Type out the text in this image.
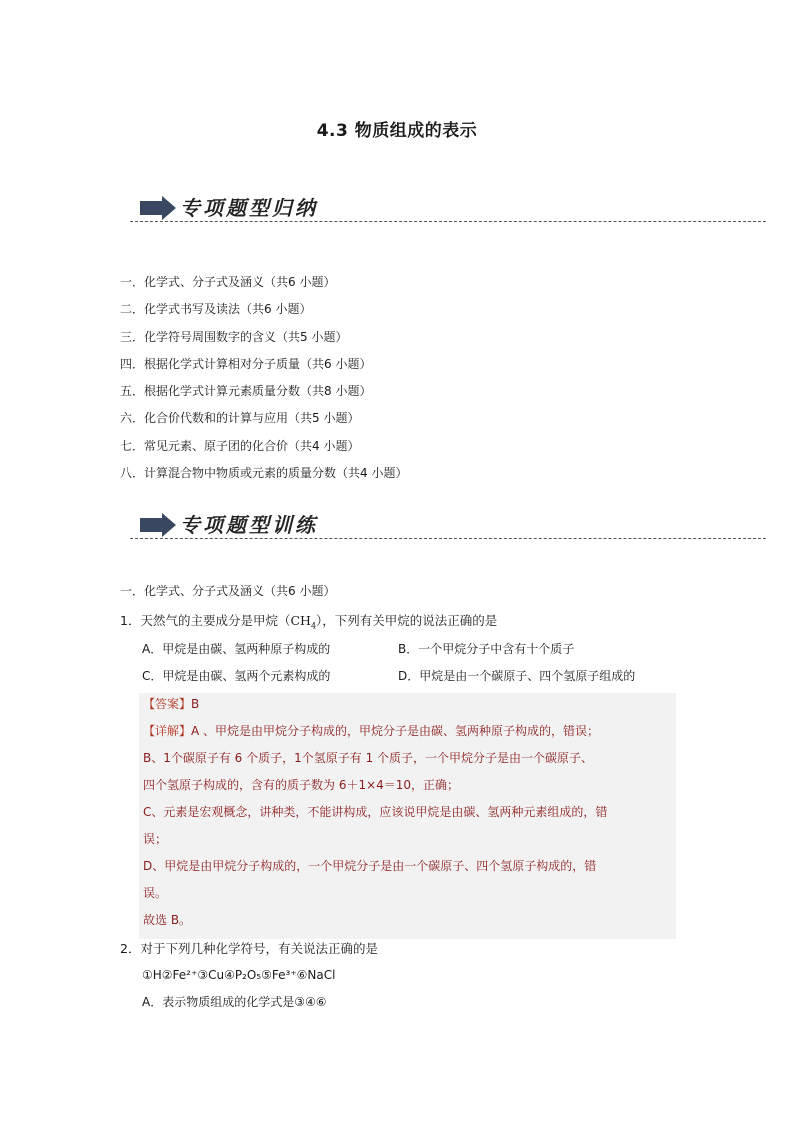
4.3 物质组成的表示
专项题型归纳
一．化学式、分子式及涵义（共6 小题）
二．化学式书写及读法（共6 小题）
三．化学符号周围数字的含义（共5 小题）
四．根据化学式计算相对分子质量（共6 小题）
五．根据化学式计算元素质量分数（共8 小题）
六．化合价代数和的计算与应用（共5 小题）
七．常见元素、原子团的化合价（共4 小题）
八．计算混合物中物质或元素的质量分数（共4 小题）
专项题型训练
一．化学式、分子式及涵义（共6 小题）
1．天然气的主要成分是甲烷$(CH_4)$，下列有关甲烷的说法正确的是
A．甲烷是由碳、氢两种原子构成的	B．一个甲烷分子中含有十个质子
C．甲烷是由碳、氢两个元素构成的	D．甲烷是由一个碳原子、四个氢原子组成的
【答案】B
【详解】A 、甲烷是由甲烷分子构成的，甲烷分子是由碳、氢两种原子构成的，错误；
B、1个碳原子有 6 个质子，1个氢原子有 1 个质子，一个甲烷分子是由一个碳原子、
四个氢原子构成的，含有的质子数为 6＋1×4＝10，正确；
C、元素是宏观概念，讲种类，不能讲构成，应该说甲烷是由碳、氢两种元素组成的，错
误；
D、甲烷是由甲烷分子构成的，一个甲烷分子是由一个碳原子、四个氢原子构成的，错
误。
故选 B。
2．对于下列几种化学符号，有关说法正确的是
①H②Fe²⁺③Cu④P₂O₅⑤Fe³⁺⑥NaCl
A．表示物质组成的化学式是③④⑥
